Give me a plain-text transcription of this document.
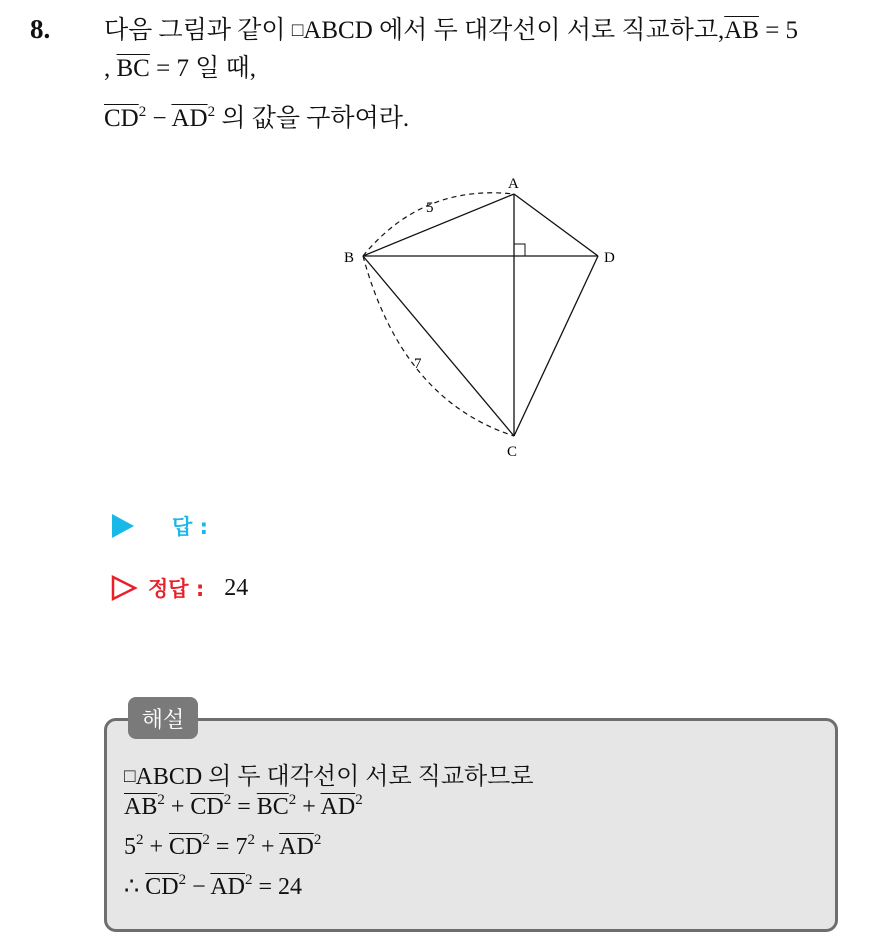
8. 다음 그림과 같이 □ABCD 에서 두 대각선이 서로 직교하고$,\overline{AB} = 5$
, $\overline{BC} = 7$ 일 때,
$\overline{CD}^2 - \overline{AD}^2$ 의 값을 구하여라.
A
B
C
D
5
7
답 :
정답 : 24
해설
□ABCD 의 두 대각선이 서로 직교하므로
$\overline{AB}^2 + \overline{CD}^2 = \overline{BC}^2 + \overline{AD}^2$
$5^2 + \overline{CD}^2 = 7^2 + \overline{AD}^2$
∴ $\overline{CD}^2 - \overline{AD}^2 = 24$
